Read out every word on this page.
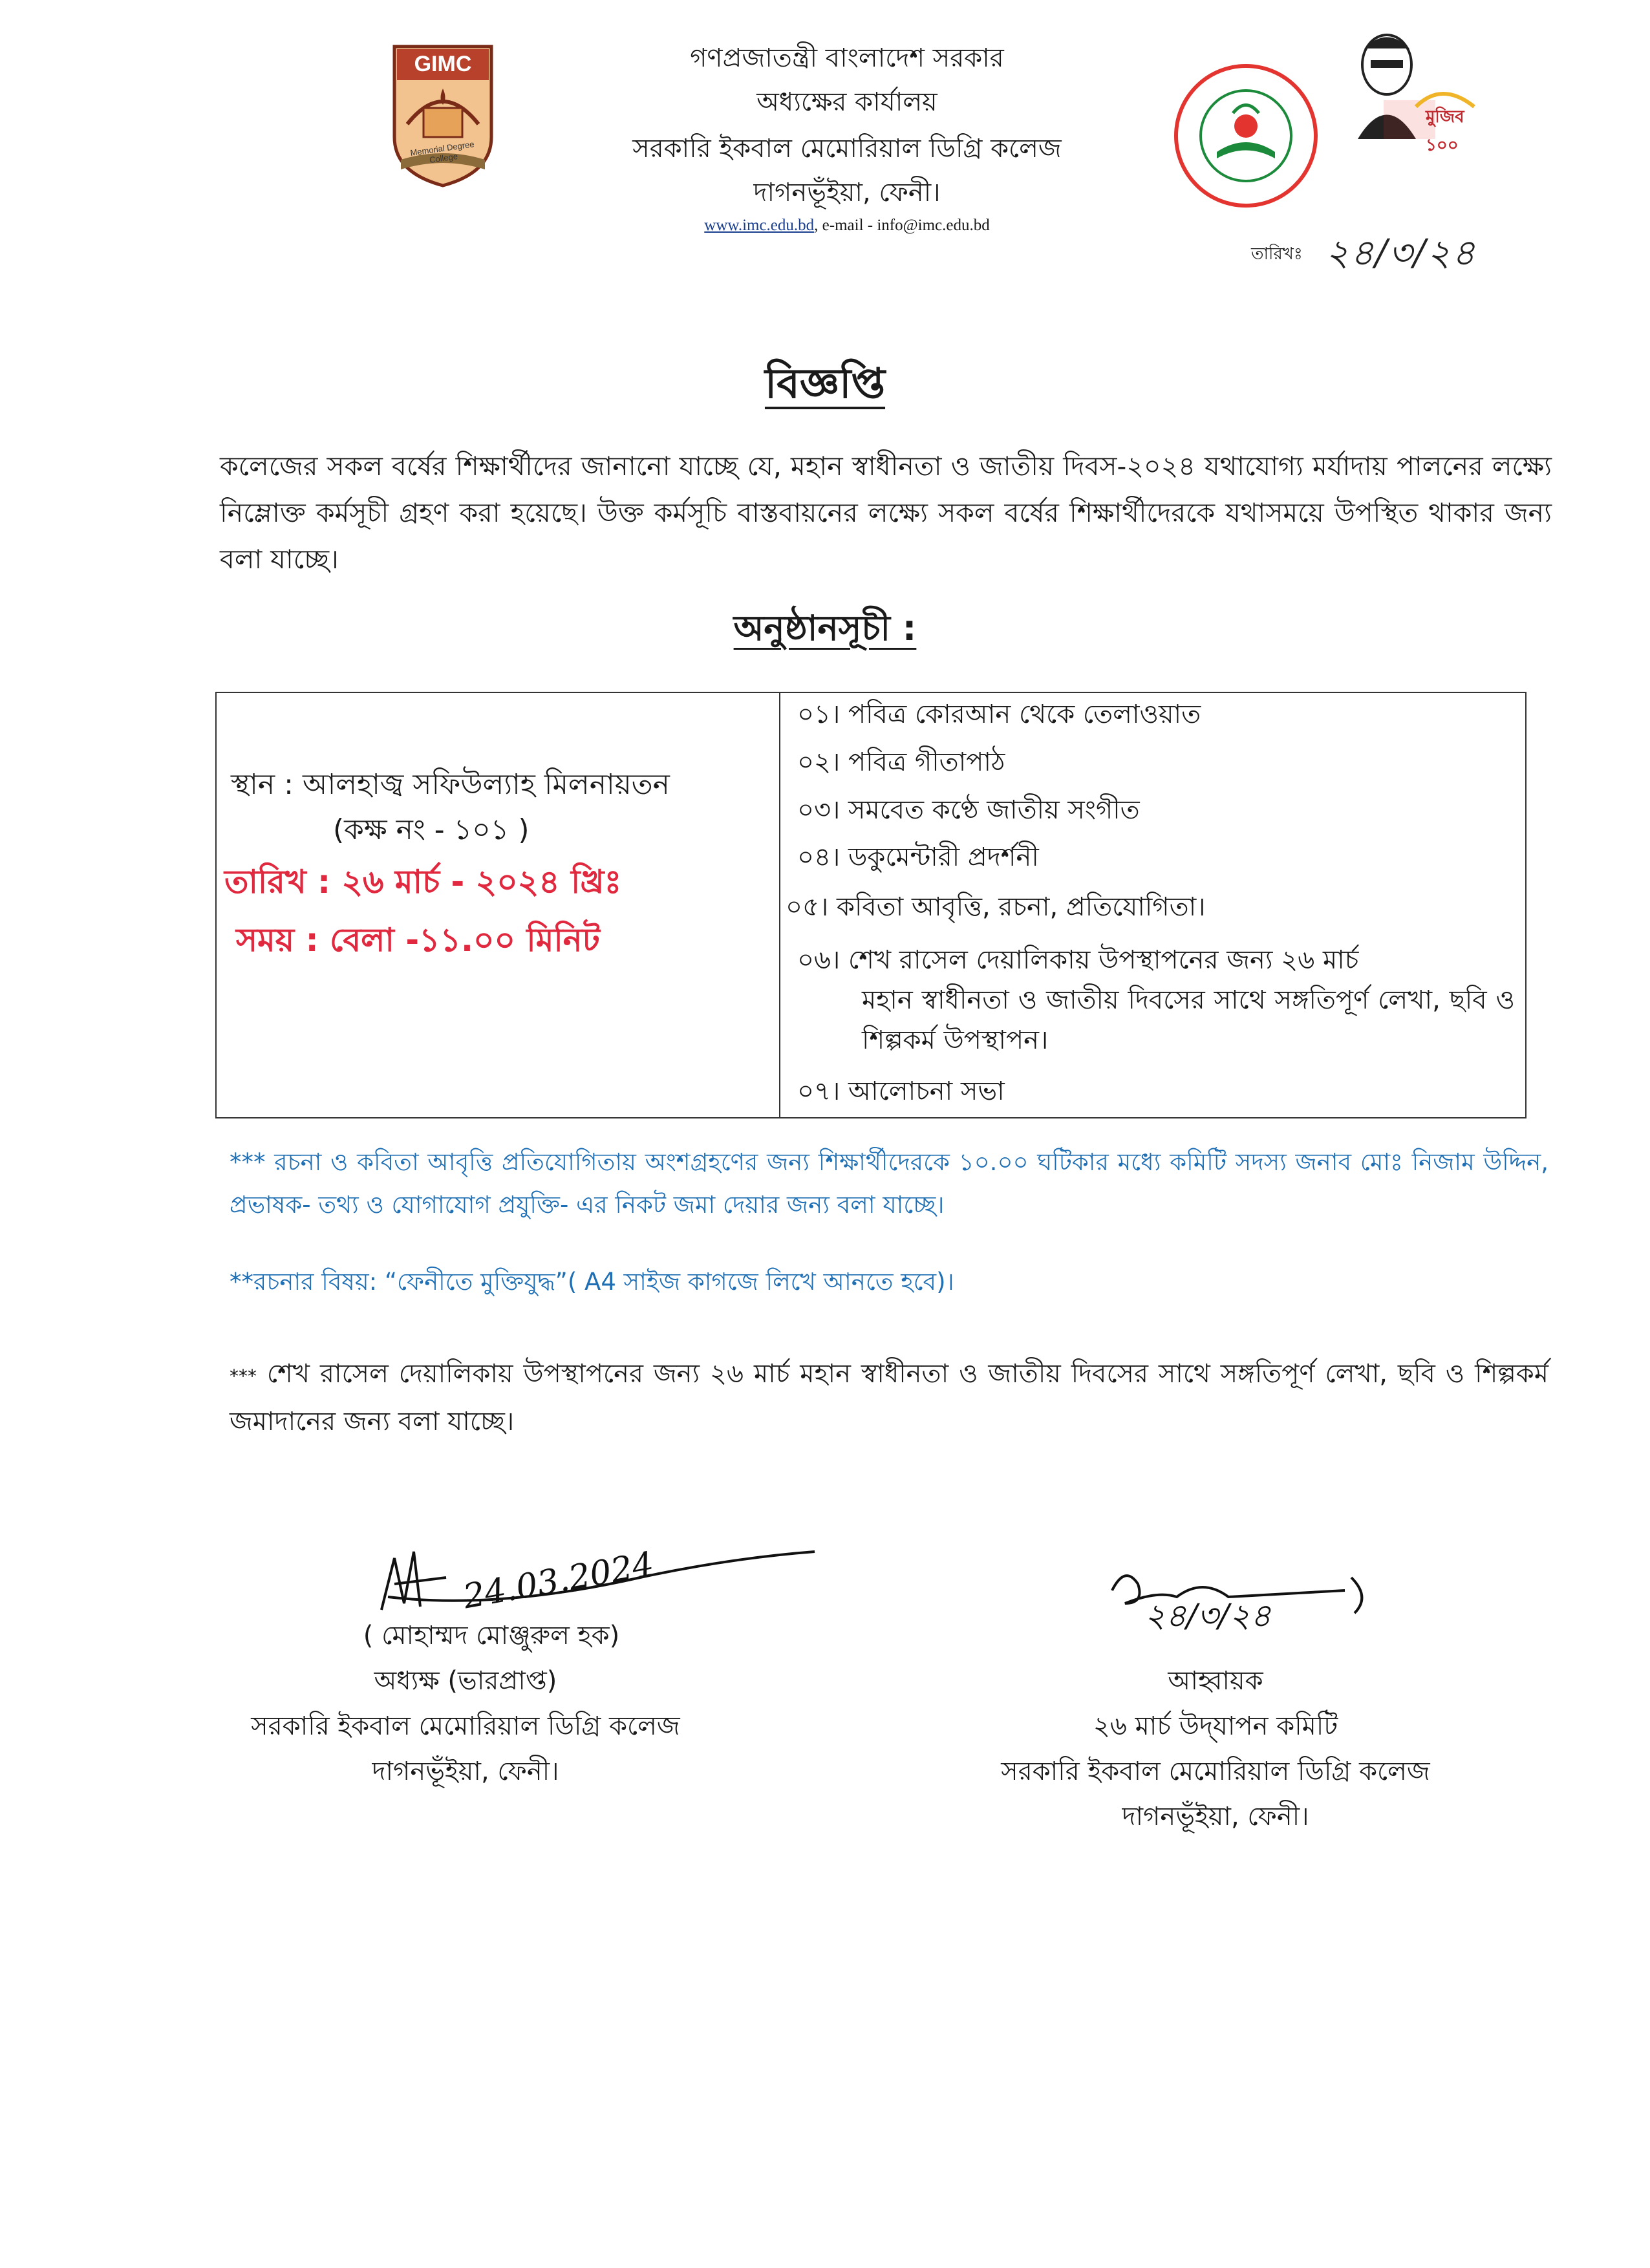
GIMC
Memorial Degree College
গণপ্রজাতন্ত্রী বাংলাদেশ সরকার
অধ্যক্ষের কার্যালয়
সরকারি ইকবাল মেমোরিয়াল ডিগ্রি কলেজ
দাগনভূঁইয়া, ফেনী।
www.imc.edu.bd, e-mail - info@imc.edu.bd
মুজিব ১০০
তারিখঃ ২৪/৩/২৪
বিজ্ঞপ্তি
কলেজের সকল বর্ষের শিক্ষার্থীদের জানানো যাচ্ছে যে, মহান স্বাধীনতা ও জাতীয় দিবস-২০২৪ যথাযোগ্য মর্যাদায় পালনের লক্ষ্যে নিম্লোক্ত কর্মসূচী গ্রহণ করা হয়েছে। উক্ত কর্মসূচি বাস্তবায়নের লক্ষ্যে সকল বর্ষের শিক্ষার্থীদেরকে যথাসময়ে উপস্থিত থাকার জন্য বলা যাচ্ছে।
অনুষ্ঠানসূচী :
স্থান : আলহাজ্ব সফিউল্যাহ মিলনায়তন
(কক্ষ নং - ১০১ )
তারিখ : ২৬ মার্চ - ২০২৪ খ্রিঃ
সময় : বেলা -১১.০০ মিনিট
০১। পবিত্র কোরআন থেকে তেলাওয়াত
০২। পবিত্র গীতাপাঠ
০৩। সমবেত কণ্ঠে জাতীয় সংগীত
০৪। ডকুমেন্টারী প্রদর্শনী
০৫। কবিতা আবৃত্তি, রচনা, প্রতিযোগিতা।
০৬। শেখ রাসেল দেয়ালিকায় উপস্থাপনের জন্য ২৬ মার্চ
মহান স্বাধীনতা ও জাতীয় দিবসের সাথে সঙ্গতিপূর্ণ লেখা, ছবি ও শিল্পকর্ম উপস্থাপন।
০৭। আলোচনা সভা
*** রচনা ও কবিতা আবৃত্তি প্রতিযোগিতায় অংশগ্রহণের জন্য শিক্ষার্থীদেরকে ১০.০০ ঘটিকার মধ্যে কমিটি সদস্য জনাব মোঃ নিজাম উদ্দিন, প্রভাষক- তথ্য ও যোগাযোগ প্রযুক্তি- এর নিকট জমা দেয়ার জন্য বলা যাচ্ছে।
**রচনার বিষয়: “ফেনীতে মুক্তিযুদ্ধ”( A4 সাইজ কাগজে লিখে আনতে হবে)।
*** শেখ রাসেল দেয়ালিকায় উপস্থাপনের জন্য ২৬ মার্চ মহান স্বাধীনতা ও জাতীয় দিবসের সাথে সঙ্গতিপূর্ণ লেখা, ছবি ও শিল্পকর্ম জমাদানের জন্য বলা যাচ্ছে।
24.03.2024
( মোহাম্মদ মোঞ্জুরুল হক)
অধ্যক্ষ (ভারপ্রাপ্ত)
সরকারি ইকবাল মেমোরিয়াল ডিগ্রি কলেজ
দাগনভূঁইয়া, ফেনী।
২৪/৩/২৪
আহ্বায়ক
২৬ মার্চ উদ্‌যাপন কমিটি
সরকারি ইকবাল মেমোরিয়াল ডিগ্রি কলেজ
দাগনভূঁইয়া, ফেনী।
